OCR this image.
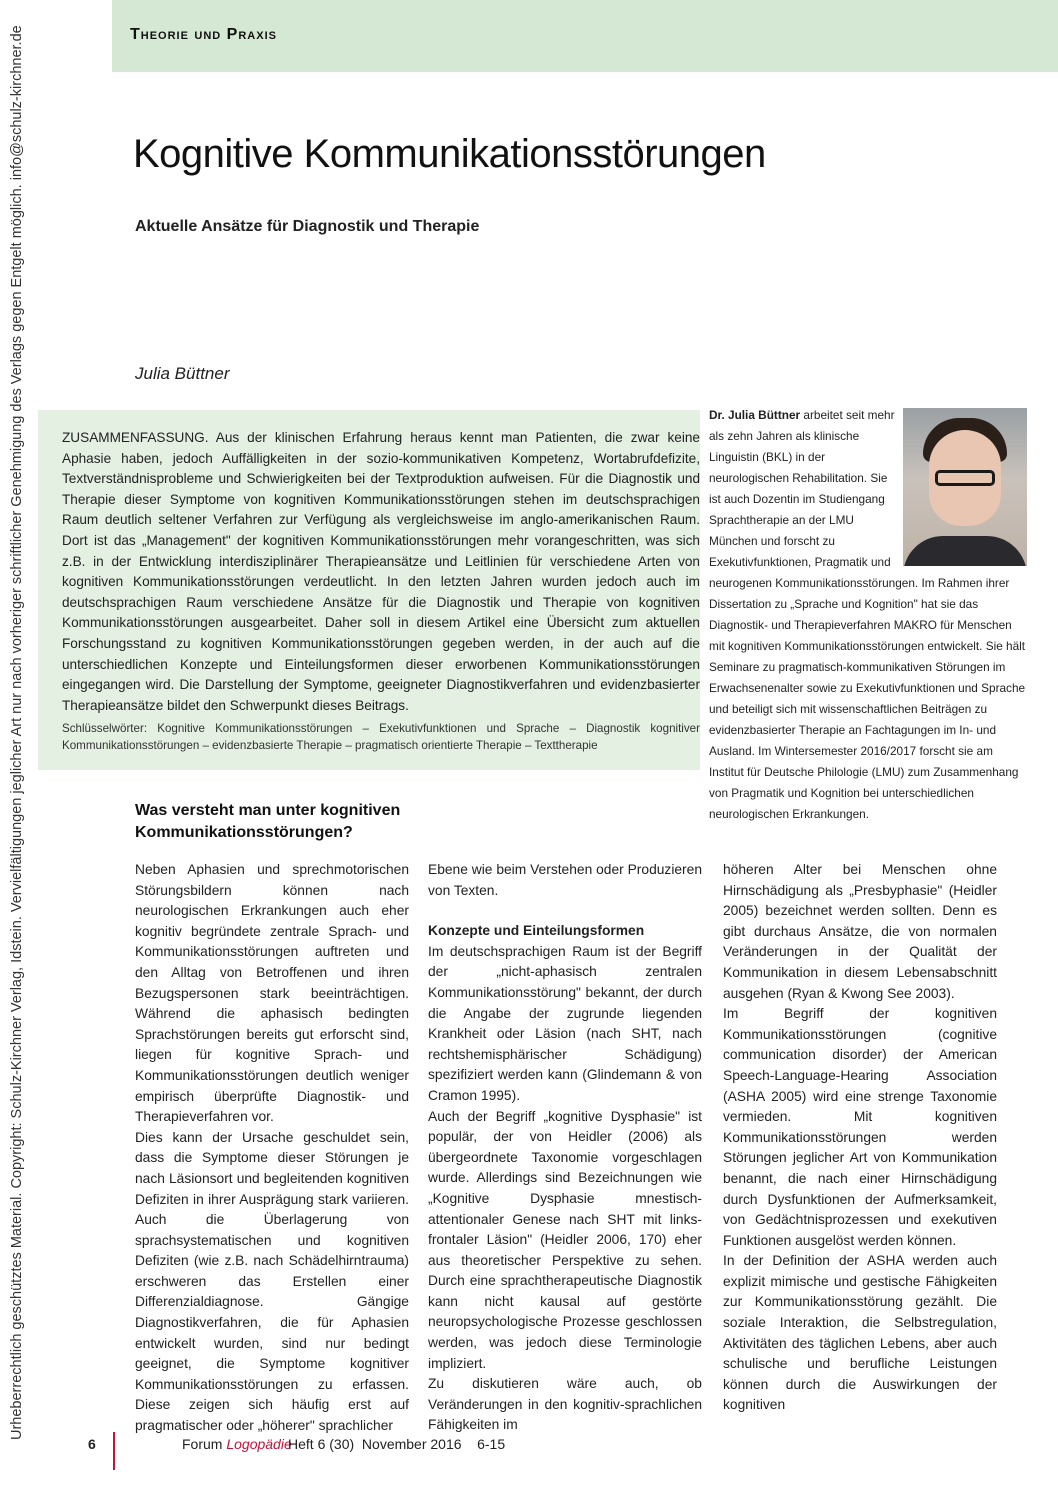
Urheberrechtlich geschütztes Material. Copyright: Schulz-Kirchner Verlag, Idstein. Vervielfältigungen jeglicher Art nur nach vorheriger schriftlicher Genehmigung des Verlags gegen Entgelt möglich. info@schulz-kirchner.de	Theorie und Praxis
Kognitive Kommunikationsstörungen
Aktuelle Ansätze für Diagnostik und Therapie
Julia Büttner

ZUSAMMENFASSUNG. Aus der klinischen Erfahrung heraus kennt man Patienten, die zwar keine Aphasie haben, jedoch Auffälligkeiten in der sozio-kommunikativen Kompetenz, Wortabrufdefizite, Textverständnisprobleme und Schwierigkeiten bei der Textproduktion aufweisen. Für die Diagnostik und Therapie dieser Symptome von kognitiven Kommunikationsstörungen stehen im deutschsprachigen Raum deutlich seltener Verfahren zur Verfügung als vergleichsweise im anglo-amerikanischen Raum. Dort ist das „Management" der kognitiven Kommunikationsstörungen mehr vorangeschritten, was sich z.B. in der Entwicklung interdisziplinärer Therapieansätze und Leitlinien für verschiedene Arten von kognitiven Kommunikationsstörungen verdeutlicht. In den letzten Jahren wurden jedoch auch im deutschsprachigen Raum verschiedene Ansätze für die Diagnostik und Therapie von kognitiven Kommunikationsstörungen ausgearbeitet. Daher soll in diesem Artikel eine Übersicht zum aktuellen Forschungsstand zu kognitiven Kommunikationsstörungen gegeben werden, in der auch auf die unterschiedlichen Konzepte und Einteilungsformen dieser erworbenen Kommunikationsstörungen eingegangen wird. Die Darstellung der Symptome, geeigneter Diagnostikverfahren und evidenzbasierter Therapieansätze bildet den Schwerpunkt dieses Beitrags.

Schlüsselwörter: Kognitive Kommunikationsstörungen – Exekutivfunktionen und Sprache – Diagnostik kognitiver Kommunikationsstörungen – evidenzbasierte Therapie – pragmatisch orientierte Therapie – Texttherapie

Dr. Julia Büttner arbeitet seit mehr als zehn Jahren als klinische Linguistin (BKL) in der neurologischen Rehabilitation. Sie ist auch Dozentin im Studiengang Sprachtherapie an der LMU München und forscht zu Exekutivfunktionen, Pragmatik und neurogenen Kommunikationsstörungen. Im Rahmen ihrer Dissertation zu „Sprache und Kognition" hat sie das Diagnostik- und Therapieverfahren MAKRO für Menschen mit kognitiven Kommunikationsstörungen entwickelt. Sie hält Seminare zu pragmatisch-kommunikativen Störungen im Erwachsenenalter sowie zu Exekutivfunktionen und Sprache und beteiligt sich mit wissenschaftlichen Beiträgen zu evidenzbasierter Therapie an Fachtagungen im In- und Ausland. Im Wintersemester 2016/2017 forscht sie am Institut für Deutsche Philologie (LMU) zum Zusammenhang von Pragmatik und Kognition bei unterschiedlichen neurologischen Erkrankungen.
Was versteht man unter kognitiven Kommunikationsstörungen?

Neben Aphasien und sprechmotorischen Störungsbildern können nach neurologischen Erkrankungen auch eher kognitiv begründete zentrale Sprach- und Kommunikationsstörungen auftreten und den Alltag von Betroffenen und ihren Bezugspersonen stark beeinträchtigen. Während die aphasisch bedingten Sprachstörungen bereits gut erforscht sind, liegen für kognitive Sprach- und Kommunikationsstörungen deutlich weniger empirisch überprüfte Diagnostik- und Therapieverfahren vor.

Dies kann der Ursache geschuldet sein, dass die Symptome dieser Störungen je nach Läsionsort und begleitenden kognitiven Defiziten in ihrer Ausprägung stark variieren. Auch die Überlagerung von sprachsystematischen und kognitiven Defiziten (wie z.B. nach Schädelhirntrauma) erschweren das Erstellen einer Differenzialdiagnose. Gängige Diagnostikverfahren, die für Aphasien entwickelt wurden, sind nur bedingt geeignet, die Symptome kognitiver Kommunikationsstörungen zu erfassen. Diese zeigen sich häufig erst auf pragmatischer oder „höherer" sprachlicher

Ebene wie beim Verstehen oder Produzieren von Texten.

Konzepte und Einteilungsformen

Im deutschsprachigen Raum ist der Begriff der „nicht-aphasisch zentralen Kommunikationsstörung" bekannt, der durch die Angabe der zugrunde liegenden Krankheit oder Läsion (nach SHT, nach rechtshemisphärischer Schädigung) spezifiziert werden kann (Glindemann & von Cramon 1995).

Auch der Begriff „kognitive Dysphasie" ist populär, der von Heidler (2006) als übergeordnete Taxonomie vorgeschlagen wurde. Allerdings sind Bezeichnungen wie „Kognitive Dysphasie mnestisch-attentionaler Genese nach SHT mit links-frontaler Läsion" (Heidler 2006, 170) eher aus theoretischer Perspektive zu sehen. Durch eine sprachtherapeutische Diagnostik kann nicht kausal auf gestörte neuropsychologische Prozesse geschlossen werden, was jedoch diese Terminologie impliziert.

Zu diskutieren wäre auch, ob Veränderungen in den kognitiv-sprachlichen Fähigkeiten im

höheren Alter bei Menschen ohne Hirnschädigung als „Presbyphasie" (Heidler 2005) bezeichnet werden sollten. Denn es gibt durchaus Ansätze, die von normalen Veränderungen in der Qualität der Kommunikation in diesem Lebensabschnitt ausgehen (Ryan & Kwong See 2003).

Im Begriff der kognitiven Kommunikationsstörungen (cognitive communication disorder) der American Speech-Language-Hearing Association (ASHA 2005) wird eine strenge Taxonomie vermieden. Mit kognitiven Kommunikationsstörungen werden Störungen jeglicher Art von Kommunikation benannt, die nach einer Hirnschädigung durch Dysfunktionen der Aufmerksamkeit, von Gedächtnisprozessen und exekutiven Funktionen ausgelöst werden können.

In der Definition der ASHA werden auch explizit mimische und gestische Fähigkeiten zur Kommunikationsstörung gezählt. Die soziale Interaktion, die Selbstregulation, Aktivitäten des täglichen Lebens, aber auch schulische und berufliche Leistungen können durch die Auswirkungen der kognitiven

6	Forum Logopädie
Heft 6 (30)  November 2016    6-15
